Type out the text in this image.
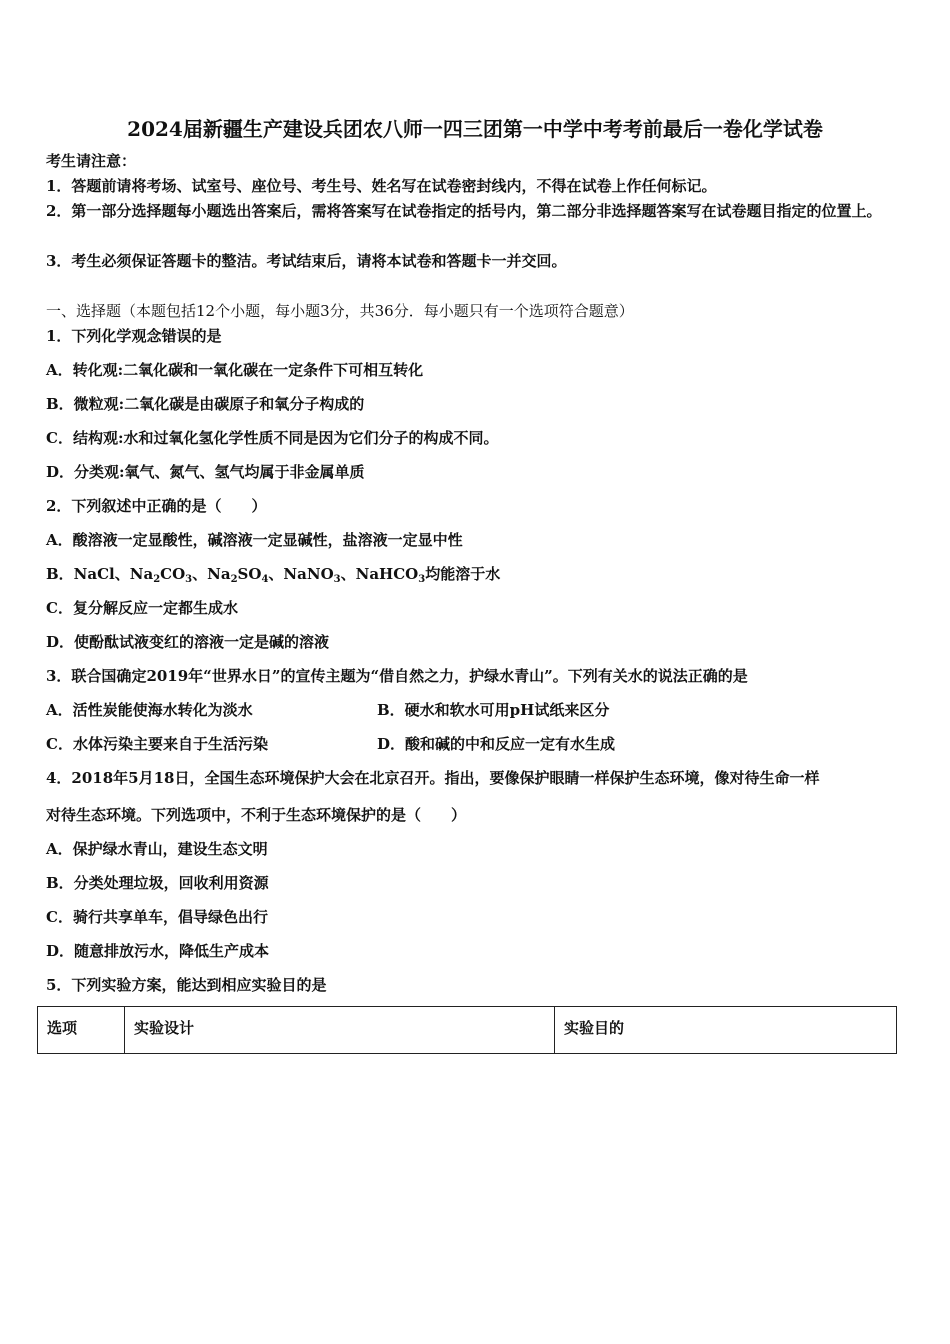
2024届新疆生产建设兵团农八师一四三团第一中学中考考前最后一卷化学试卷
考生请注意：
1．答题前请将考场、试室号、座位号、考生号、姓名写在试卷密封线内，不得在试卷上作任何标记。
2．第一部分选择题每小题选出答案后，需将答案写在试卷指定的括号内，第二部分非选择题答案写在试卷题目指定的位置上。
3．考生必须保证答题卡的整洁。考试结束后，请将本试卷和答题卡一并交回。
一、选择题（本题包括12个小题，每小题3分，共36分．每小题只有一个选项符合题意）
1．下列化学观念错误的是
A．转化观:二氧化碳和一氧化碳在一定条件下可相互转化
B．微粒观:二氧化碳是由碳原子和氧分子构成的
C．结构观:水和过氧化氢化学性质不同是因为它们分子的构成不同。
D．分类观:氧气、氮气、氢气均属于非金属单质
2．下列叙述中正确的是（　　）
A．酸溶液一定显酸性，碱溶液一定显碱性，盐溶液一定显中性
B．NaCl、$Na_2CO_3$、$Na_2SO_4$、NaNO$_3$、NaHCO$_3$均能溶于水
C．复分解反应一定都生成水
D．使酚酞试液变红的溶液一定是碱的溶液
3．联合国确定2019年“世界水日”的宣传主题为“借自然之力，护绿水青山”。下列有关水的说法正确的是
A．活性炭能使海水转化为淡水	B．硬水和软水可用pH试纸来区分
C．水体污染主要来自于生活污染	D．酸和碱的中和反应一定有水生成
4．2018年5月18日，全国生态环境保护大会在北京召开。指出，要像保护眼睛一样保护生态环境，像对待生命一样
对待生态环境。下列选项中，不利于生态环境保护的是（　　）
A．保护绿水青山，建设生态文明
B．分类处理垃圾，回收利用资源
C．骑行共享单车，倡导绿色出行
D．随意排放污水，降低生产成本
5．下列实验方案，能达到相应实验目的是
选项	实验设计	实验目的
